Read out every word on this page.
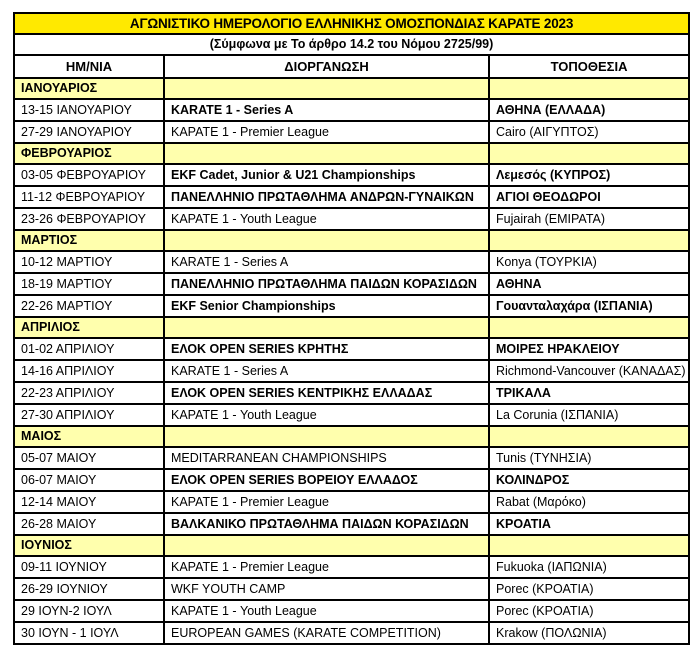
ΑΓΩΝΙΣΤΙΚΟ ΗΜΕΡΟΛΟΓΙΟ ΕΛΛΗΝΙΚΗΣ ΟΜΟΣΠΟΝΔΙΑΣ ΚΑΡΑΤΕ 2023		
(Σύμφωνα με Το άρθρο 14.2 του Νόμου 2725/99)		
ΗΜ/ΝΙΑ	ΔΙΟΡΓΑΝΩΣΗ	ΤΟΠΟΘΕΣΙΑ
ΙΑΝΟΥΑΡΙΟΣ		
13-15 ΙΑΝΟΥΑΡΙΟΥ	KARATE 1 - Series A	ΑΘΗΝΑ (ΕΛΛΑΔΑ)
27-29 ΙΑΝΟΥΑΡΙΟΥ	ΚΑΡΑΤΕ 1 - Premier League	Cairo (ΑΙΓΥΠΤΟΣ)
ΦΕΒΡΟΥΑΡΙΟΣ		
03-05 ΦΕΒΡΟΥΑΡΙΟΥ	EKF Cadet, Junior & U21 Championships	Λεμεσός (ΚΥΠΡΟΣ)
11-12 ΦΕΒΡΟΥΑΡΙΟΥ	ΠΑΝΕΛΛΗΝΙΟ ΠΡΩΤΑΘΛΗΜΑ ΑΝΔΡΩΝ-ΓΥΝΑΙΚΩΝ	ΑΓΙΟΙ ΘΕΟΔΩΡΟΙ
23-26 ΦΕΒΡΟΥΑΡΙΟΥ	ΚΑΡΑΤΕ 1 - Youth League	Fujairah (ΕΜΙΡΑΤΑ)
ΜΑΡΤΙΟΣ		
10-12 ΜΑΡΤΙΟΥ	KARATE 1 - Series A	Konya (ΤΟΥΡΚΙΑ)
18-19 ΜΑΡΤΙΟΥ	ΠΑΝΕΛΛΗΝΙΟ ΠΡΩΤΑΘΛΗΜΑ ΠΑΙΔΩΝ ΚΟΡΑΣΙΔΩΝ	ΑΘΗΝΑ
22-26 ΜΑΡΤΙΟΥ	EKF Senior Championships	Γουανταλαχάρα (ΙΣΠΑΝΙΑ)
ΑΠΡΙΛΙΟΣ		
01-02 ΑΠΡΙΛΙΟΥ	ΕΛΟΚ OPEN SERIES ΚΡΗΤΗΣ	ΜΟΙΡΕΣ ΗΡΑΚΛΕΙΟΥ
14-16 ΑΠΡΙΛΙΟΥ	KARATE 1 - Series A	Richmond-Vancouver (ΚΑΝΑΔΑΣ)
22-23 ΑΠΡΙΛΙΟΥ	ΕΛΟΚ OPEN SERIES ΚΕΝΤΡΙΚΗΣ ΕΛΛΑΔΑΣ	ΤΡΙΚΑΛΑ
27-30 ΑΠΡΙΛΙΟΥ	ΚΑΡΑΤΕ 1 - Youth League	La Corunia (ΙΣΠΑΝΙΑ)
ΜΑΙΟΣ		
05-07 ΜΑΙΟΥ	MEDITARRANEAN CHAMPIONSHIPS	Tunis (ΤΥΝΗΣΙΑ)
06-07 ΜΑΙΟΥ	ΕΛΟΚ OPEN SERIES ΒΟΡΕΙΟΥ ΕΛΛΑΔΟΣ	ΚΟΛΙΝΔΡΟΣ
12-14 ΜΑΙΟΥ	ΚΑΡΑΤΕ 1 - Premier League	Rabat (Μαρόκο)
26-28 ΜΑΙΟΥ	ΒΑΛΚΑΝΙΚΟ ΠΡΩΤΑΘΛΗΜΑ ΠΑΙΔΩΝ ΚΟΡΑΣΙΔΩΝ	ΚΡΟΑΤΙΑ
ΙΟΥΝΙΟΣ		
09-11 ΙΟΥΝΙΟΥ	ΚΑΡΑΤΕ 1 - Premier League	Fukuoka (ΙΑΠΩΝΙΑ)
26-29 ΙΟΥΝΙΟΥ	WKF YOUTH CAMP	Porec (ΚΡΟΑΤΙΑ)
29 ΙΟΥΝ-2 ΙΟΥΛ	ΚΑΡΑΤΕ 1 - Youth League	Porec (ΚΡΟΑΤΙΑ)
30 ΙΟΥΝ - 1 ΙΟΥΛ	EUROPEAN GAMES (KARATE COMPETITION)	Krakow (ΠΟΛΩΝΙΑ)
